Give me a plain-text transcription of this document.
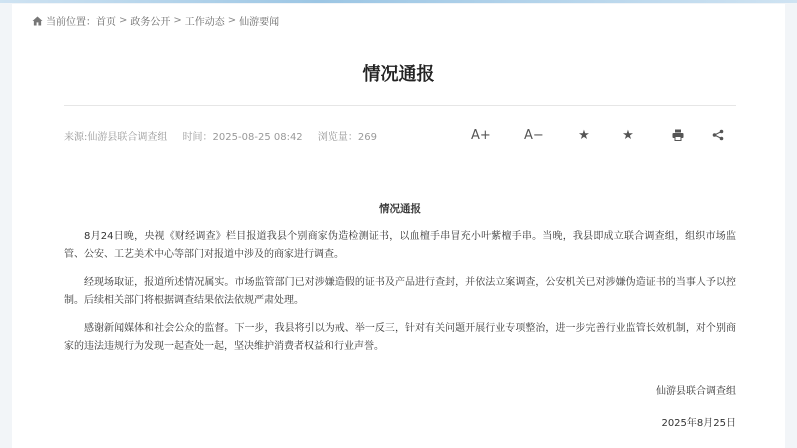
当前位置： 首页 > 政务公开 > 工作动态 > 仙游要闻
情况通报
来源:仙游县联合调查组 时间：2025-08-25 08:42 浏览量：269	A+	A−	★ ★
情况通报

8月24日晚，央视《财经调查》栏目报道我县个别商家伪造检测证书，以血檀手串冒充小叶紫檀手串。当晚，我县即成立联合调查组，组织市场监管、公安、工艺美术中心等部门对报道中涉及的商家进行调查。

经现场取证，报道所述情况属实。市场监管部门已对涉嫌造假的证书及产品进行查封，并依法立案调查，公安机关已对涉嫌伪造证书的当事人予以控制。后续相关部门将根据调查结果依法依规严肃处理。

感谢新闻媒体和社会公众的监督。下一步，我县将引以为戒、举一反三，针对有关问题开展行业专项整治，进一步完善行业监管长效机制，对个别商家的违法违规行为发现一起查处一起，坚决维护消费者权益和行业声誉。

仙游县联合调查组
2025年8月25日
